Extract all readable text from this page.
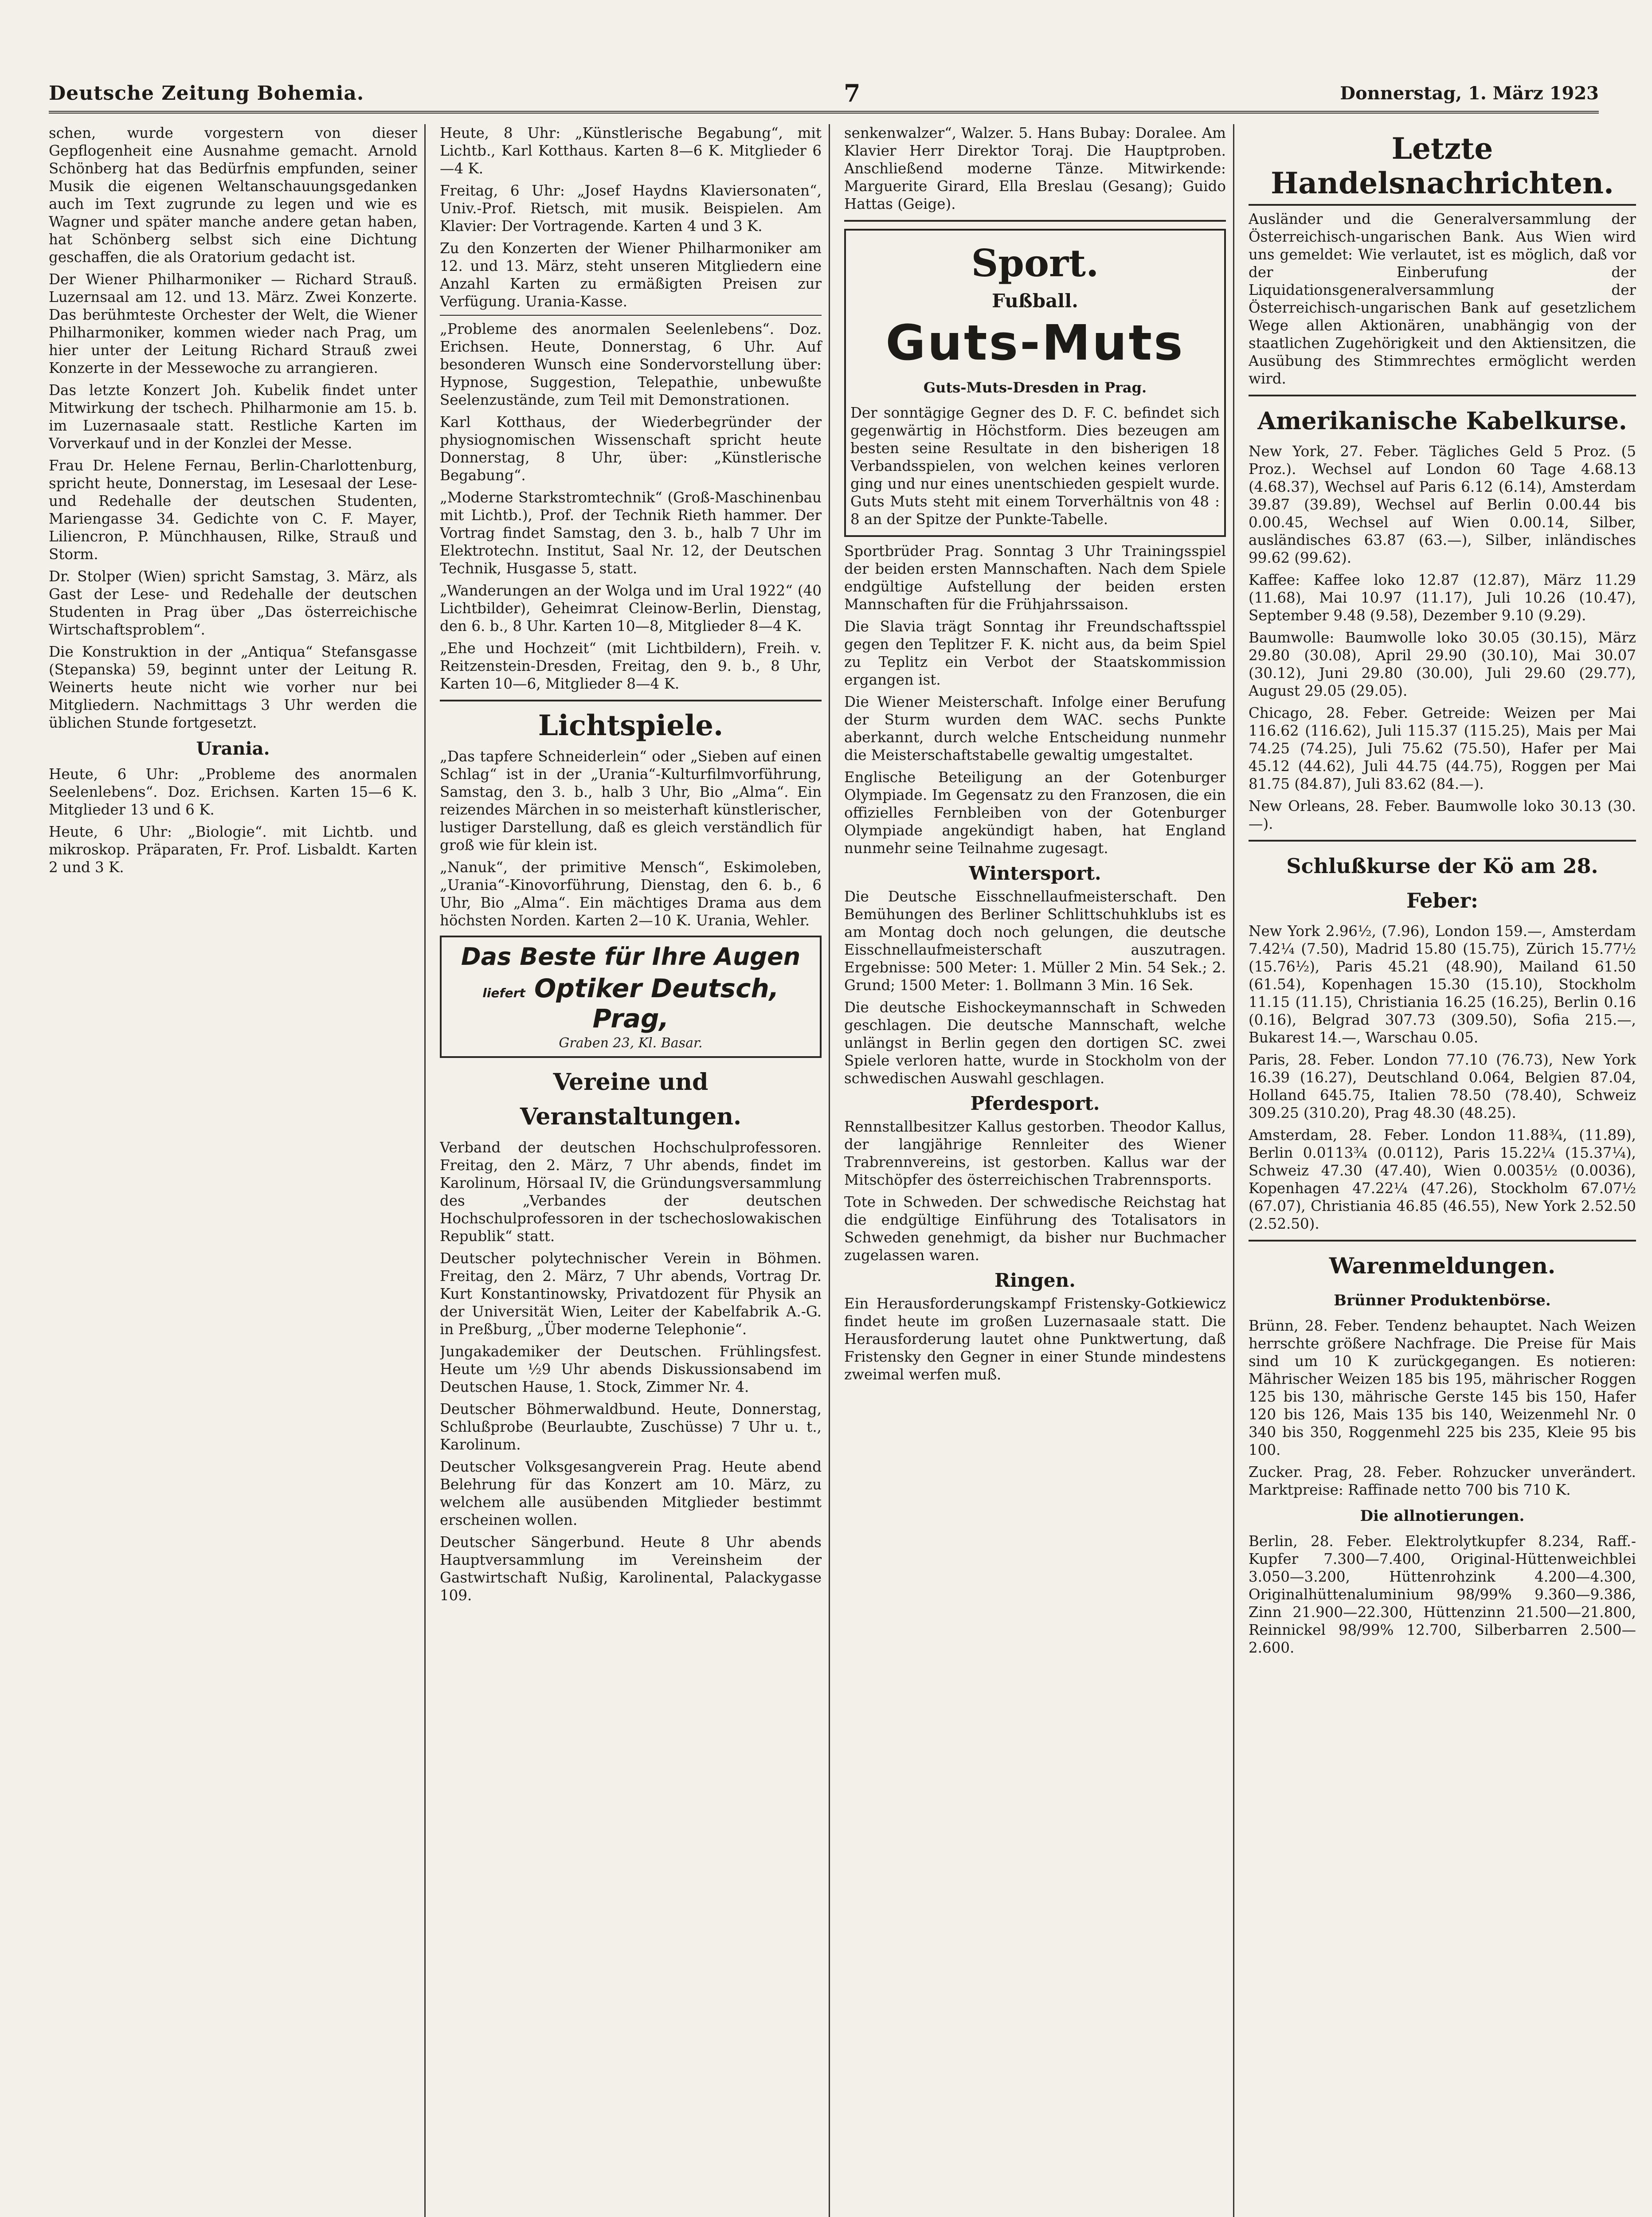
Deutsche Zeitung Bohemia.	7	Donnerstag, 1. März 1923

schen, wurde vorgestern von dieser Gepflogenheit eine Ausnahme gemacht. Arnold Schönberg hat das Bedürfnis empfunden, seiner Musik die eigenen Weltanschauungsgedanken auch im Text zugrunde zu legen und wie es Wagner und später manche andere getan haben, hat Schönberg selbst sich eine Dichtung geschaffen, die als Oratorium gedacht ist.

Der Wiener Philharmoniker — Richard Strauß. Luzernsaal am 12. und 13. März. Zwei Konzerte. Das berühmteste Orchester der Welt, die Wiener Philharmoniker, kommen wieder nach Prag, um hier unter der Leitung Richard Strauß zwei Konzerte in der Messewoche zu arrangieren.

Das letzte Konzert Joh. Kubelik findet unter Mitwirkung der tschech. Philharmonie am 15. b. im Luzernasaale statt. Restliche Karten im Vorverkauf und in der Konzlei der Messe.

Frau Dr. Helene Fernau, Berlin-Charlottenburg, spricht heute, Donnerstag, im Lesesaal der Lese- und Redehalle der deutschen Studenten, Mariengasse 34. Gedichte von C. F. Mayer, Liliencron, P. Münchhausen, Rilke, Strauß und Storm.

Dr. Stolper (Wien) spricht Samstag, 3. März, als Gast der Lese- und Redehalle der deutschen Studenten in Prag über „Das österreichische Wirtschaftsproblem“.

Die Konstruktion in der „Antiqua“ Stefansgasse (Stepanska) 59, beginnt unter der Leitung R. Weinerts heute nicht wie vorher nur bei Mitgliedern. Nachmittags 3 Uhr werden die üblichen Stunde fortgesetzt.

Urania.

Heute, 6 Uhr: „Probleme des anormalen Seelenlebens“. Doz. Erichsen. Karten 15—6 K. Mitglieder 13 und 6 K.

Heute, 6 Uhr: „Biologie“. mit Lichtb. und mikroskop. Präparaten, Fr. Prof. Lisbaldt. Karten 2 und 3 K.

Heute, 8 Uhr: „Künstlerische Begabung“, mit Lichtb., Karl Kotthaus. Karten 8—6 K. Mitglieder 6—4 K.

Freitag, 6 Uhr: „Josef Haydns Klaviersonaten“, Univ.-Prof. Rietsch, mit musik. Beispielen. Am Klavier: Der Vortragende. Karten 4 und 3 K.

Zu den Konzerten der Wiener Philharmoniker am 12. und 13. März, steht unseren Mitgliedern eine Anzahl Karten zu ermäßigten Preisen zur Verfügung. Urania-Kasse.

„Probleme des anormalen Seelenlebens“. Doz. Erichsen. Heute, Donnerstag, 6 Uhr. Auf besonderen Wunsch eine Sondervorstellung über: Hypnose, Suggestion, Telepathie, unbewußte Seelenzustände, zum Teil mit Demonstrationen.

Karl Kotthaus, der Wiederbegründer der physiognomischen Wissenschaft spricht heute Donnerstag, 8 Uhr, über: „Künstlerische Begabung“.

„Moderne Starkstromtechnik“ (Groß-Maschinenbau mit Lichtb.), Prof. der Technik Rieth hammer. Der Vortrag findet Samstag, den 3. b., halb 7 Uhr im Elektrotechn. Institut, Saal Nr. 12, der Deutschen Technik, Husgasse 5, statt.

„Wanderungen an der Wolga und im Ural 1922“ (40 Lichtbilder), Geheimrat Cleinow-Berlin, Dienstag, den 6. b., 8 Uhr. Karten 10—8, Mitglieder 8—4 K.

„Ehe und Hochzeit“ (mit Lichtbildern), Freih. v. Reitzenstein-Dresden, Freitag, den 9. b., 8 Uhr, Karten 10—6, Mitglieder 8—4 K.

Lichtspiele.

„Das tapfere Schneiderlein“ oder „Sieben auf einen Schlag“ ist in der „Urania“-Kulturfilmvorführung, Samstag, den 3. b., halb 3 Uhr, Bio „Alma“. Ein reizendes Märchen in so meisterhaft künstlerischer, lustiger Darstellung, daß es gleich verständlich für groß wie für klein ist.

„Nanuk“, der primitive Mensch“, Eskimoleben, „Urania“-Kinovorführung, Dienstag, den 6. b., 6 Uhr, Bio „Alma“. Ein mächtiges Drama aus dem höchsten Norden. Karten 2—10 K. Urania, Wehler.

Das Beste für Ihre Augen
liefert Optiker Deutsch, Prag,
Graben 23, Kl. Basar.
Vereine und Veranstaltungen.

Verband der deutschen Hochschulprofessoren. Freitag, den 2. März, 7 Uhr abends, findet im Karolinum, Hörsaal IV, die Gründungsversammlung des „Verbandes der deutschen Hochschulprofessoren in der tschechoslowakischen Republik“ statt.

Deutscher polytechnischer Verein in Böhmen. Freitag, den 2. März, 7 Uhr abends, Vortrag Dr. Kurt Konstantinowsky, Privatdozent für Physik an der Universität Wien, Leiter der Kabelfabrik A.-G. in Preßburg, „Über moderne Telephonie“.

Jungakademiker der Deutschen. Frühlingsfest. Heute um ½9 Uhr abends Diskussionsabend im Deutschen Hause, 1. Stock, Zimmer Nr. 4.

Deutscher Böhmerwaldbund. Heute, Donnerstag, Schlußprobe (Beurlaubte, Zuschüsse) 7 Uhr u. t., Karolinum.

Deutscher Volksgesangverein Prag. Heute abend Belehrung für das Konzert am 10. März, zu welchem alle ausübenden Mitglieder bestimmt erscheinen wollen.

Deutscher Sängerbund. Heute 8 Uhr abends Hauptversammlung im Vereinsheim der Gastwirtschaft Nußig, Karolinental, Palackygasse 109.

senkenwalzer“, Walzer. 5. Hans Bubay: Doralee. Am Klavier Herr Direktor Toraj. Die Hauptproben. Anschließend moderne Tänze. Mitwirkende: Marguerite Girard, Ella Breslau (Gesang); Guido Hattas (Geige).

Sport.
Fußball.
Guts-Muts
Guts-Muts-Dresden in Prag.

Der sonntägige Gegner des D. F. C. befindet sich gegenwärtig in Höchstform. Dies bezeugen am besten seine Resultate in den bisherigen 18 Verbandsspielen, von welchen keines verloren ging und nur eines unentschieden gespielt wurde. Guts Muts steht mit einem Torverhältnis von 48 : 8 an der Spitze der Punkte-Tabelle.

Sportbrüder Prag. Sonntag 3 Uhr Trainingsspiel der beiden ersten Mannschaften. Nach dem Spiele endgültige Aufstellung der beiden ersten Mannschaften für die Frühjahrssaison.

Die Slavia trägt Sonntag ihr Freundschaftsspiel gegen den Teplitzer F. K. nicht aus, da beim Spiel zu Teplitz ein Verbot der Staatskommission ergangen ist.

Die Wiener Meisterschaft. Infolge einer Berufung der Sturm wurden dem WAC. sechs Punkte aberkannt, durch welche Entscheidung nunmehr die Meisterschaftstabelle gewaltig umgestaltet.

Englische Beteiligung an der Gotenburger Olympiade. Im Gegensatz zu den Franzosen, die ein offizielles Fernbleiben von der Gotenburger Olympiade angekündigt haben, hat England nunmehr seine Teilnahme zugesagt.

Wintersport.

Die Deutsche Eisschnellaufmeisterschaft. Den Bemühungen des Berliner Schlittschuhklubs ist es am Montag doch noch gelungen, die deutsche Eisschnellaufmeisterschaft auszutragen. Ergebnisse: 500 Meter: 1. Müller 2 Min. 54 Sek.; 2. Grund; 1500 Meter: 1. Bollmann 3 Min. 16 Sek.

Die deutsche Eishockeymannschaft in Schweden geschlagen. Die deutsche Mannschaft, welche unlängst in Berlin gegen den dortigen SC. zwei Spiele verloren hatte, wurde in Stockholm von der schwedischen Auswahl geschlagen.

Pferdesport.

Rennstallbesitzer Kallus gestorben. Theodor Kallus, der langjährige Rennleiter des Wiener Trabrennvereins, ist gestorben. Kallus war der Mitschöpfer des österreichischen Trabrennsports.

Tote in Schweden. Der schwedische Reichstag hat die endgültige Einführung des Totalisators in Schweden genehmigt, da bisher nur Buchmacher zugelassen waren.

Ringen.

Ein Herausforderungskampf Fristensky-Gotkiewicz findet heute im großen Luzernasaale statt. Die Herausforderung lautet ohne Punktwertung, daß Fristensky den Gegner in einer Stunde mindestens zweimal werfen muß.

Letzte Handelsnachrichten.

Ausländer und die Generalversammlung der Österreichisch-ungarischen Bank. Aus Wien wird uns gemeldet: Wie verlautet, ist es möglich, daß vor der Einberufung der Liquidationsgeneralversammlung der Österreichisch-ungarischen Bank auf gesetzlichem Wege allen Aktionären, unabhängig von der staatlichen Zugehörigkeit und den Aktiensitzen, die Ausübung des Stimmrechtes ermöglicht werden wird.

Amerikanische Kabelkurse.

New York, 27. Feber. Tägliches Geld 5 Proz. (5 Proz.). Wechsel auf London 60 Tage 4.68.13 (4.68.37), Wechsel auf Paris 6.12 (6.14), Amsterdam 39.87 (39.89), Wechsel auf Berlin 0.00.44 bis 0.00.45, Wechsel auf Wien 0.00.14, Silber, ausländisches 63.87 (63.—), Silber, inländisches 99.62 (99.62).

Kaffee: Kaffee loko 12.87 (12.87), März 11.29 (11.68), Mai 10.97 (11.17), Juli 10.26 (10.47), September 9.48 (9.58), Dezember 9.10 (9.29).

Baumwolle: Baumwolle loko 30.05 (30.15), März 29.80 (30.08), April 29.90 (30.10), Mai 30.07 (30.12), Juni 29.80 (30.00), Juli 29.60 (29.77), August 29.05 (29.05).

Chicago, 28. Feber. Getreide: Weizen per Mai 116.62 (116.62), Juli 115.37 (115.25), Mais per Mai 74.25 (74.25), Juli 75.62 (75.50), Hafer per Mai 45.12 (44.62), Juli 44.75 (44.75), Roggen per Mai 81.75 (84.87), Juli 83.62 (84.—).

New Orleans, 28. Feber. Baumwolle loko 30.13 (30.—).

Schlußkurse der Kö am 28. Feber:

New York 2.96½, (7.96), London 159.—, Amsterdam 7.42¼ (7.50), Madrid 15.80 (15.75), Zürich 15.77½ (15.76½), Paris 45.21 (48.90), Mailand 61.50 (61.54), Kopenhagen 15.30 (15.10), Stockholm 11.15 (11.15), Christiania 16.25 (16.25), Berlin 0.16 (0.16), Belgrad 307.73 (309.50), Sofia 215.—, Bukarest 14.—, Warschau 0.05.

Paris, 28. Feber. London 77.10 (76.73), New York 16.39 (16.27), Deutschland 0.064, Belgien 87.04, Holland 645.75, Italien 78.50 (78.40), Schweiz 309.25 (310.20), Prag 48.30 (48.25).

Amsterdam, 28. Feber. London 11.88¾, (11.89), Berlin 0.0113¾ (0.0112), Paris 15.22¼ (15.37¼), Schweiz 47.30 (47.40), Wien 0.0035½ (0.0036), Kopenhagen 47.22¼ (47.26), Stockholm 67.07½ (67.07), Christiania 46.85 (46.55), New York 2.52.50 (2.52.50).

Warenmeldungen.
Brünner Produktenbörse.

Brünn, 28. Feber. Tendenz behauptet. Nach Weizen herrschte größere Nachfrage. Die Preise für Mais sind um 10 K zurückgegangen. Es notieren: Mährischer Weizen 185 bis 195, mährischer Roggen 125 bis 130, mährische Gerste 145 bis 150, Hafer 120 bis 126, Mais 135 bis 140, Weizenmehl Nr. 0 340 bis 350, Roggenmehl 225 bis 235, Kleie 95 bis 100.

Zucker. Prag, 28. Feber. Rohzucker unverändert. Marktpreise: Raffinade netto 700 bis 710 K.

Die allnotierungen.

Berlin, 28. Feber. Elektrolytkupfer 8.234, Raff.-Kupfer 7.300—7.400, Original-Hüttenweichblei 3.050—3.200, Hüttenrohzink 4.200—4.300, Originalhüttenaluminium 98/99% 9.360—9.386, Zinn 21.900—22.300, Hüttenzinn 21.500—21.800, Reinnickel 98/99% 12.700, Silberbarren 2.500—2.600.
